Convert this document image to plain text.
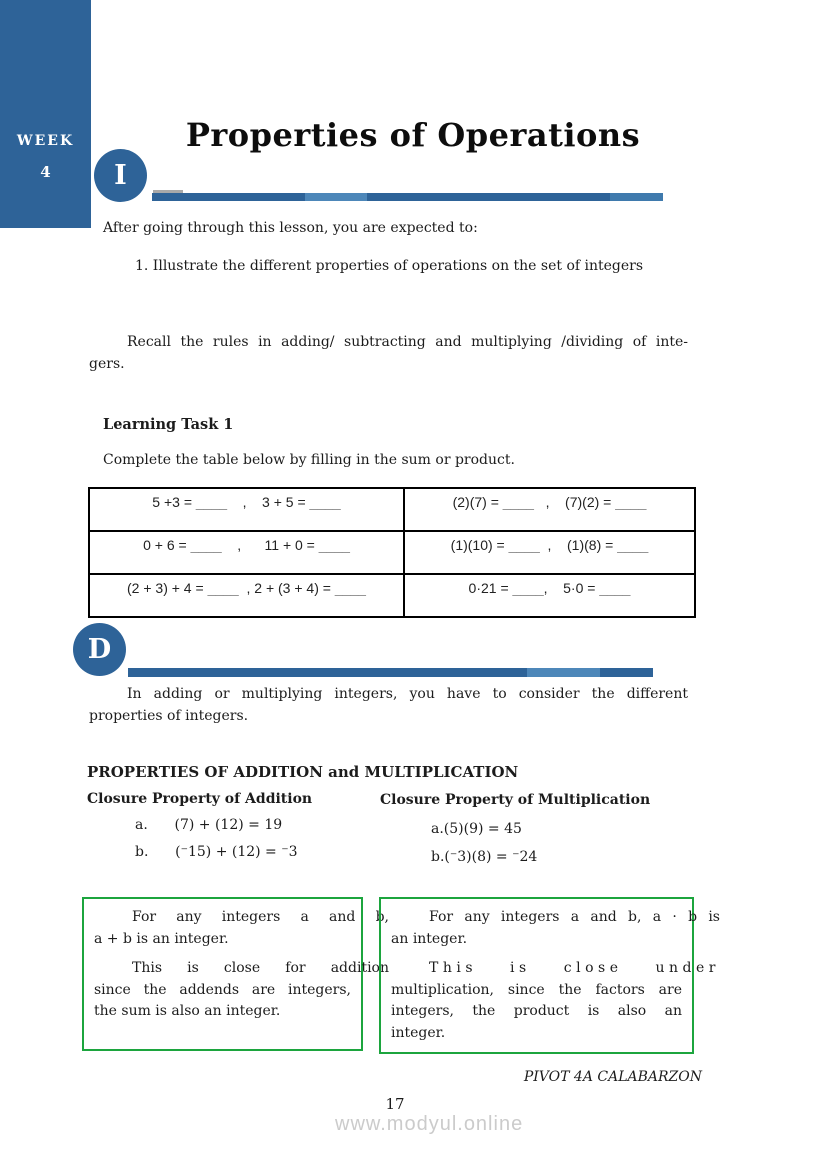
WEEK
4
Properties of Operations
I
After going through this lesson, you are expected to:
1. Illustrate the different properties of operations on the set of integers
Recall the rules in adding/ subtracting and multiplying /dividing of inte-
gers.
Learning Task 1
Complete the table below by filling in the sum or product.
5 +3 = ____    ,    3 + 5 = ____	(2)(7) = ____   ,    (7)(2) = ____
0 + 6 = ____    ,      11 + 0 = ____	(1)(10) = ____  ,    (1)(8) = ____
(2 + 3) + 4 = ____  , 2 + (3 + 4) = ____	0·21 = ____,    5·0 = ____
D
In adding or multiplying integers, you have to consider the different
properties of integers.
PROPERTIES OF ADDITION and MULTIPLICATION
Closure Property of Addition
a.      (7) + (12) = 19
b.      (⁻15) + (12) = ⁻3
Closure Property of Multiplication
a.(5)(9) = 45
b.(⁻3)(8) = ⁻24
For any integers a and b,
a + b is an integer.
This is close for addition
since the addends are integers,
the sum is also an integer.
For any integers a and b, a · b is
an integer.
This is close under
multiplication, since the factors are
integers, the product is also an
integer.
PIVOT 4A CALABARZON
17
www.modyul.online
